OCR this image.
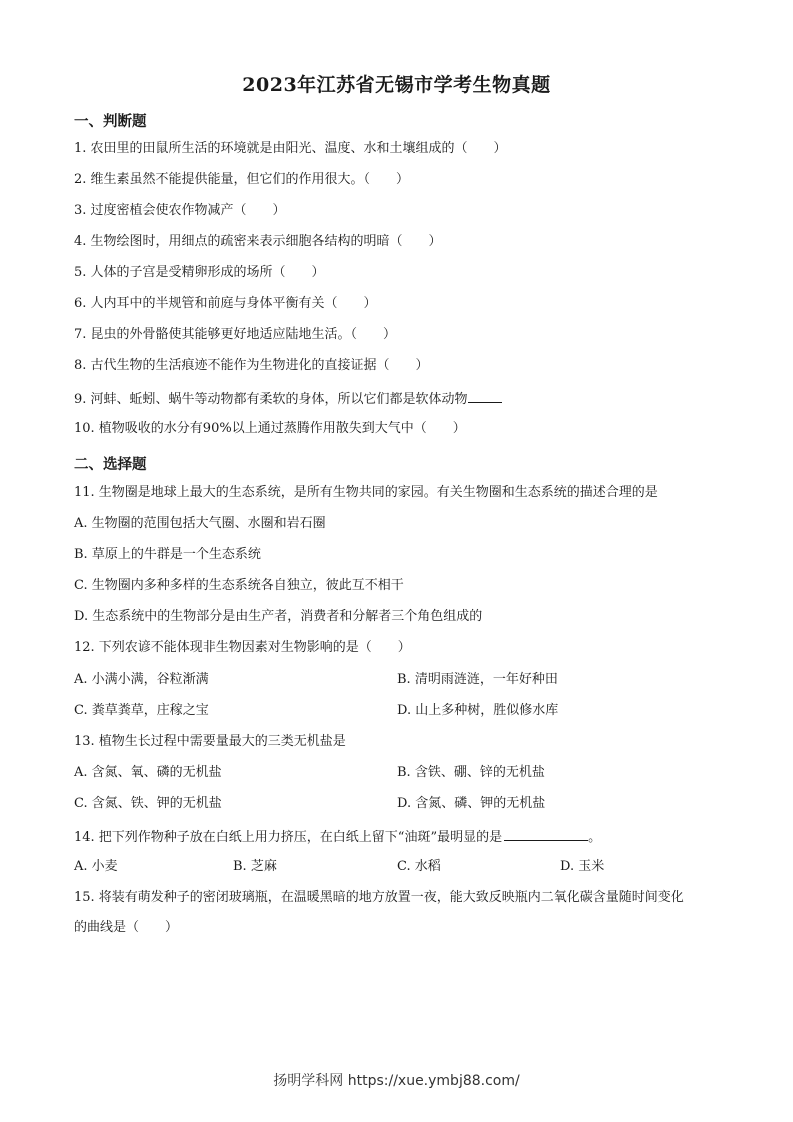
2023年江苏省无锡市学考生物真题
一、判断题
1. 农田里的田鼠所生活的环境就是由阳光、温度、水和土壤组成的（　　）
2. 维生素虽然不能提供能量，但它们的作用很大。（　　）
3. 过度密植会使农作物减产（　　）
4. 生物绘图时，用细点的疏密来表示细胞各结构的明暗（　　）
5. 人体的子宫是受精卵形成的场所（　　）
6. 人内耳中的半规管和前庭与身体平衡有关（　　）
7. 昆虫的外骨骼使其能够更好地适应陆地生活。（　　）
8. 古代生物的生活痕迹不能作为生物进化的直接证据（　　）
9. 河蚌、蚯蚓、蜗牛等动物都有柔软的身体，所以它们都是软体动物
10. 植物吸收的水分有90%以上通过蒸腾作用散失到大气中（　　）
二、选择题
11. 生物圈是地球上最大的生态系统，是所有生物共同的家园。有关生物圈和生态系统的描述合理的是
A. 生物圈的范围包括大气圈、水圈和岩石圈
B. 草原上的牛群是一个生态系统
C. 生物圈内多种多样的生态系统各自独立，彼此互不相干
D. 生态系统中的生物部分是由生产者，消费者和分解者三个角色组成的
12. 下列农谚不能体现非生物因素对生物影响的是（　　）
A. 小满小满，谷粒渐满	B. 清明雨涟涟，一年好种田
C. 粪草粪草，庄稼之宝	D. 山上多种树，胜似修水库
13. 植物生长过程中需要量最大的三类无机盐是
A. 含氮、氧、磷的无机盐	B. 含铁、硼、锌的无机盐
C. 含氮、铁、钾的无机盐	D. 含氮、磷、钾的无机盐
14. 把下列作物种子放在白纸上用力挤压，在白纸上留下“油斑”最明显的是	。
A. 小麦	B. 芝麻	C. 水稻	D. 玉米
15. 将装有萌发种子的密闭玻璃瓶，在温暖黑暗的地方放置一夜，能大致反映瓶内二氧化碳含量随时间变化
的曲线是（　　）
扬明学科网 https://xue.ymbj88.com/
